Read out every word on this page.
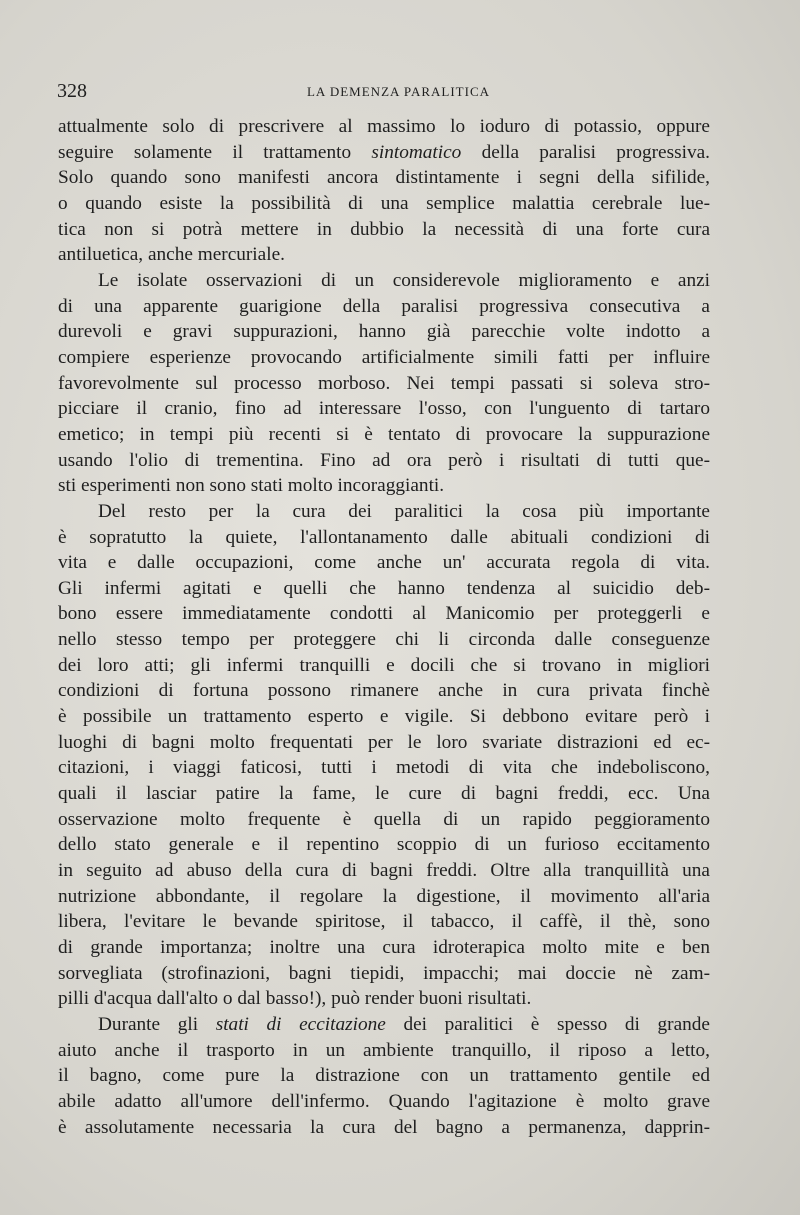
328	LA DEMENZA PARALITICA
attualmente solo di prescrivere al massimo lo ioduro di potassio, oppure
seguire solamente il trattamento sintomatico della paralisi progressiva.
Solo quando sono manifesti ancora distintamente i segni della sifilide,
o quando esiste la possibilità di una semplice malattia cerebrale lue-
tica non si potrà mettere in dubbio la necessità di una forte cura
antiluetica, anche mercuriale.
Le isolate osservazioni di un considerevole miglioramento e anzi
di una apparente guarigione della paralisi progressiva consecutiva a
durevoli e gravi suppurazioni, hanno già parecchie volte indotto a
compiere esperienze provocando artificialmente simili fatti per influire
favorevolmente sul processo morboso. Nei tempi passati si soleva stro-
picciare il cranio, fino ad interessare l'osso, con l'unguento di tartaro
emetico; in tempi più recenti si è tentato di provocare la suppurazione
usando l'olio di trementina. Fino ad ora però i risultati di tutti que-
sti esperimenti non sono stati molto incoraggianti.
Del resto per la cura dei paralitici la cosa più importante
è sopratutto la quiete, l'allontanamento dalle abituali condizioni di
vita e dalle occupazioni, come anche un' accurata regola di vita.
Gli infermi agitati e quelli che hanno tendenza al suicidio deb-
bono essere immediatamente condotti al Manicomio per proteggerli e
nello stesso tempo per proteggere chi li circonda dalle conseguenze
dei loro atti; gli infermi tranquilli e docili che si trovano in migliori
condizioni di fortuna possono rimanere anche in cura privata finchè
è possibile un trattamento esperto e vigile. Si debbono evitare però i
luoghi di bagni molto frequentati per le loro svariate distrazioni ed ec-
citazioni, i viaggi faticosi, tutti i metodi di vita che indeboliscono,
quali il lasciar patire la fame, le cure di bagni freddi, ecc. Una
osservazione molto frequente è quella di un rapido peggioramento
dello stato generale e il repentino scoppio di un furioso eccitamento
in seguito ad abuso della cura di bagni freddi. Oltre alla tranquillità una
nutrizione abbondante, il regolare la digestione, il movimento all'aria
libera, l'evitare le bevande spiritose, il tabacco, il caffè, il thè, sono
di grande importanza; inoltre una cura idroterapica molto mite e ben
sorvegliata (strofinazioni, bagni tiepidi, impacchi; mai doccie nè zam-
pilli d'acqua dall'alto o dal basso!), può render buoni risultati.
Durante gli stati di eccitazione dei paralitici è spesso di grande
aiuto anche il trasporto in un ambiente tranquillo, il riposo a letto,
il bagno, come pure la distrazione con un trattamento gentile ed
abile adatto all'umore dell'infermo. Quando l'agitazione è molto grave
è assolutamente necessaria la cura del bagno a permanenza, dapprin-
